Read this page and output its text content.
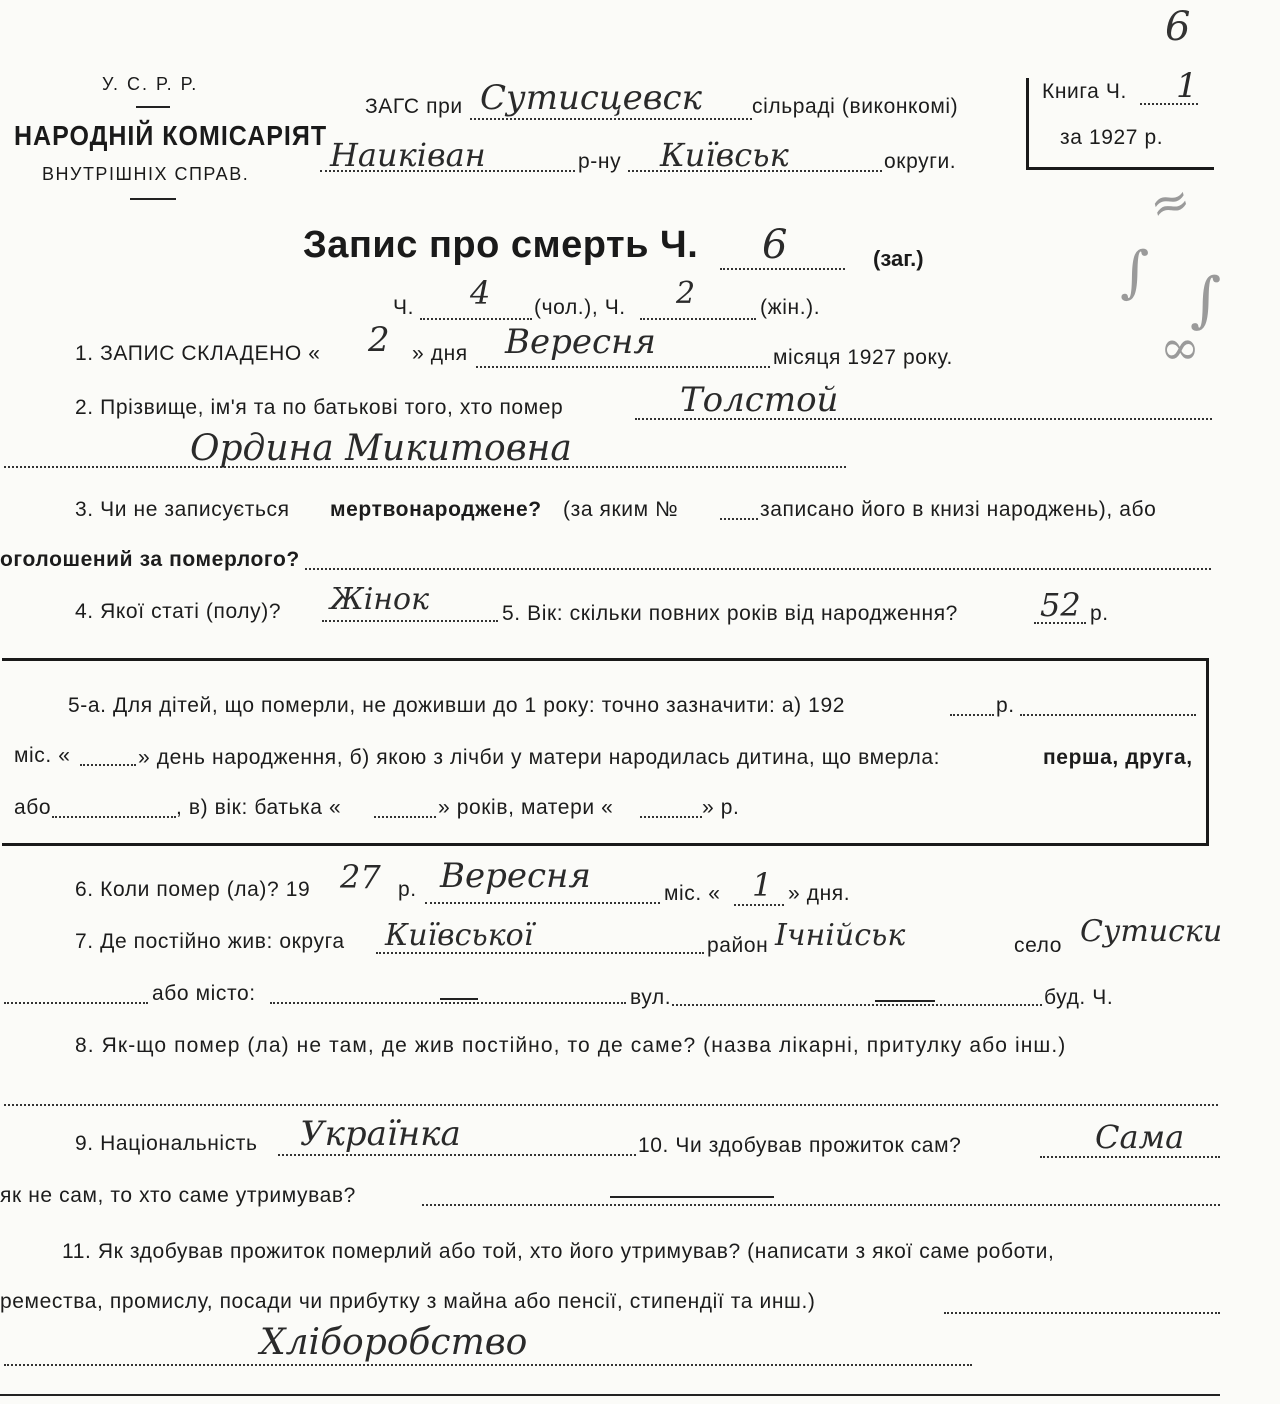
6
≈
∫ ∫
∞
У. С. Р. Р.
НАРОДНІЙ КОМІСАРІЯТ
ВНУТРІШНІХ СПРАВ.
ЗАГС при Сутисцевск сільраді (виконкомі)
Наиківан	р-ну Київськ	округи.
Книга Ч. 1
за 1927 р.
Запис про смерть Ч. 6	(заг.)
Ч. 4 (чол.), Ч. 2	(жін.).
1. ЗАПИС СКЛАДЕНО « 2 » дня Вересня	місяця 1927 року.
2. Прізвище, ім'я та по батькові того, хто помер	Толстой
Ордина Микитовна
3. Чи не записується мертвонароджене? (за яким №	записано його в книзі народжень), або
оголошений за померлого?
4. Якої статі (полу)? Жінок	5. Вік: скільки повних років від народження?	52 р.
5-а. Для дітей, що померли, не доживши до 1 року: точно зазначити: а) 192	р.
міс. «	» день народження, б) якою з лічби у матери народилась дитина, що вмерла:	перша, друга,
або	, в) вік: батька «	» років, матери «	» р.
6. Коли помер (ла)? 19 27 р. Вересня	міс. « 1 » дня.
7. Де постійно жив: округа Київської	район Ічнійськ	село Сутиски
або місто:	вул.	буд. Ч.
8. Як-що помер (ла) не там, де жив постійно, то де саме? (назва лікарні, притулку або інш.)
9. Національність Українка	10. Чи здобував прожиток сам?	Сама
як не сам, то хто саме утримував?
11. Як здобував прожиток померлий або той, хто його утримував? (написати з якої саме роботи,
ремества, промислу, посади чи прибутку з майна або пенсії, стипендії та инш.)
Хліборобство
